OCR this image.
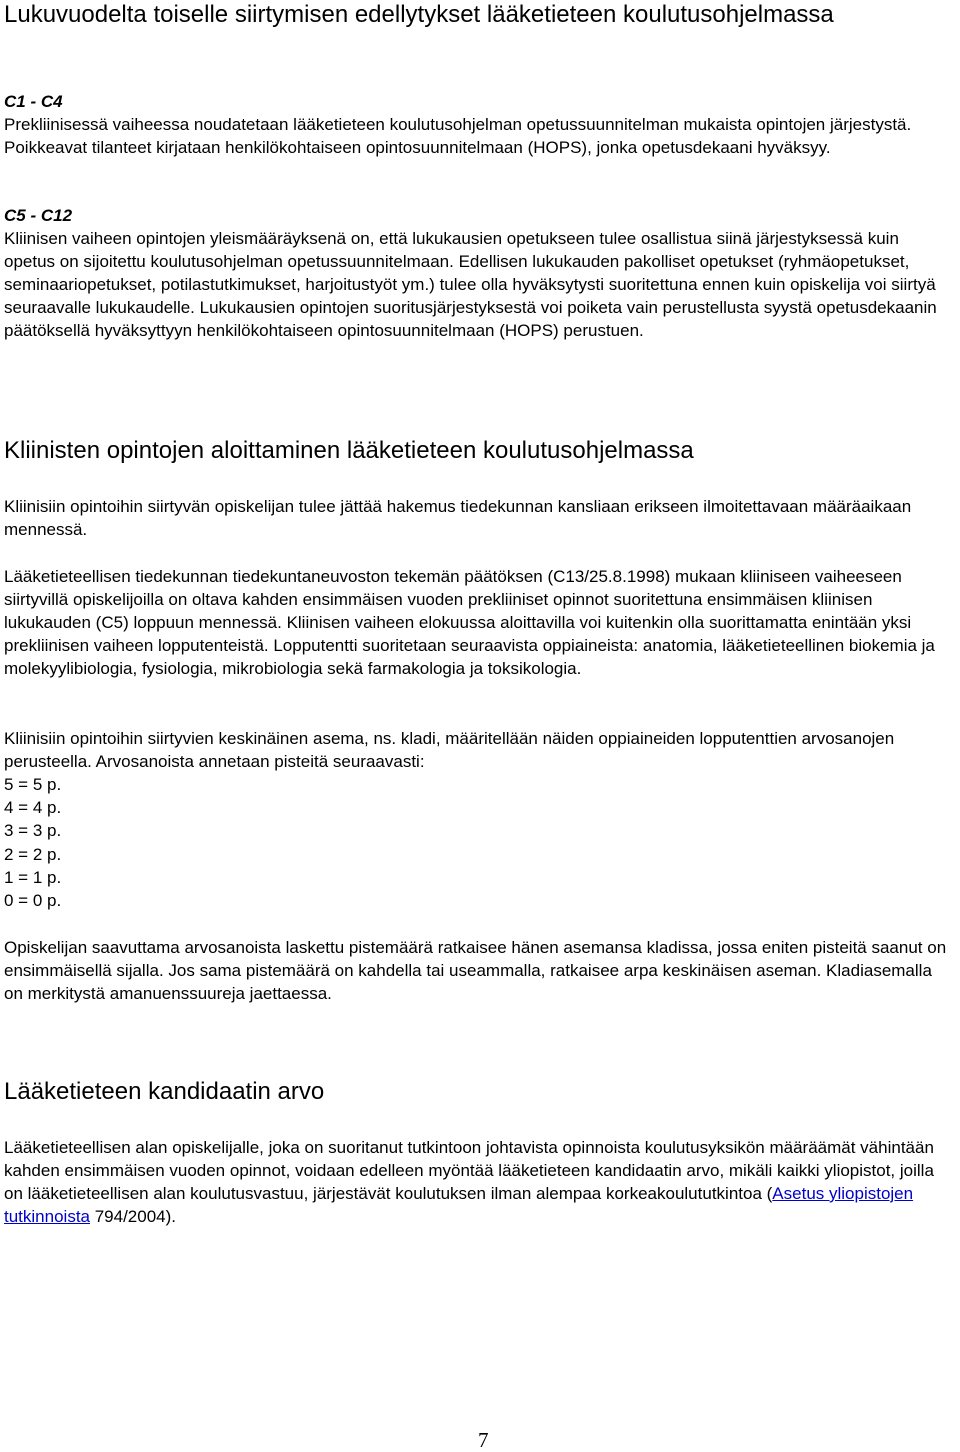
Lukuvuodelta toiselle siirtymisen edellytykset lääketieteen koulutusohjelmassa

C1 - C4

Prekliinisessä vaiheessa noudatetaan lääketieteen koulutusohjelman opetussuunnitelman mukaista opintojen järjestystä. Poikkeavat tilanteet kirjataan henkilökohtaiseen opintosuunnitelmaan (HOPS), jonka opetusdekaani hyväksyy.

C5 - C12

Kliinisen vaiheen opintojen yleismääräyksenä on, että lukukausien opetukseen tulee osallistua siinä järjestyksessä kuin opetus on sijoitettu koulutusohjelman opetussuunnitelmaan. Edellisen lukukauden pakolliset opetukset (ryhmäopetukset, seminaariopetukset, potilastutkimukset, harjoitustyöt ym.) tulee olla hyväksytysti suoritettuna ennen kuin opiskelija voi siirtyä seuraavalle lukukaudelle. Lukukausien opintojen suoritusjärjestyksestä voi poiketa vain perustellusta syystä opetusdekaanin päätöksellä hyväksyttyyn henkilökohtaiseen opintosuunnitelmaan (HOPS) perustuen.

Kliinisten opintojen aloittaminen lääketieteen koulutusohjelmassa

Kliinisiin opintoihin siirtyvän opiskelijan tulee jättää hakemus tiedekunnan kansliaan erikseen ilmoitettavaan määräaikaan mennessä.

Lääketieteellisen tiedekunnan tiedekuntaneuvoston tekemän päätöksen (C13/25.8.1998) mukaan kliiniseen vaiheeseen siirtyvillä opiskelijoilla on oltava kahden ensimmäisen vuoden prekliiniset opinnot suoritettuna ensimmäisen kliinisen lukukauden (C5) loppuun mennessä. Kliinisen vaiheen elokuussa aloittavilla voi kuitenkin olla suorittamatta enintään yksi prekliinisen vaiheen lopputenteistä. Lopputentti suoritetaan seuraavista oppiaineista: anatomia, lääketieteellinen biokemia ja molekyylibiologia, fysiologia, mikrobiologia sekä farmakologia ja toksikologia.

Kliinisiin opintoihin siirtyvien keskinäinen asema, ns. kladi, määritellään näiden oppiaineiden lopputenttien arvosanojen perusteella. Arvosanoista annetaan pisteitä seuraavasti:

5 = 5 p.

4 = 4 p.

3 = 3 p.

2 = 2 p.

1 = 1 p.

0 = 0 p.

Opiskelijan saavuttama arvosanoista laskettu pistemäärä ratkaisee hänen asemansa kladissa, jossa eniten pisteitä saanut on ensimmäisellä sijalla. Jos sama pistemäärä on kahdella tai useammalla, ratkaisee arpa keskinäisen aseman. Kladiasemalla on merkitystä amanuenssuureja jaettaessa.

Lääketieteen kandidaatin arvo

Lääketieteellisen alan opiskelijalle, joka on suoritanut tutkintoon johtavista opinnoista koulutusyksikön määräämät vähintään kahden ensimmäisen vuoden opinnot, voidaan edelleen myöntää lääketieteen kandidaatin arvo, mikäli kaikki yliopistot, joilla on lääketieteellisen alan koulutusvastuu, järjestävät koulutuksen ilman alempaa korkeakoulututkintoa (Asetus yliopistojen tutkinnoista 794/2004).

7
